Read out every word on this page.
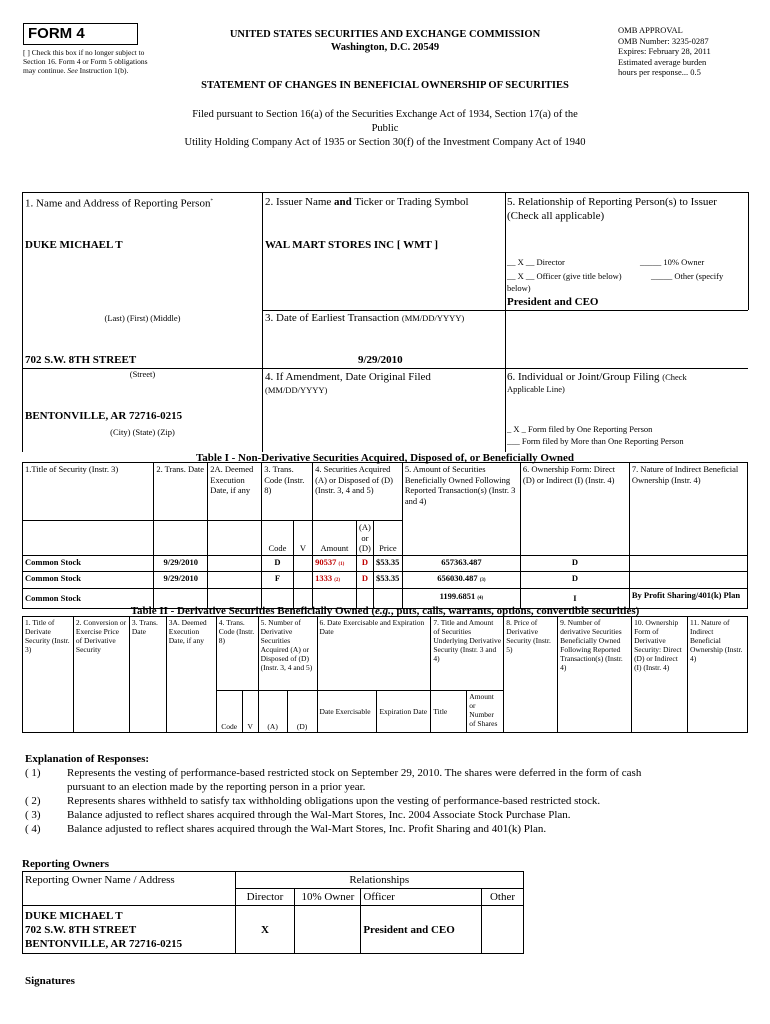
FORM 4
[ ] Check this box if no longer subject to Section 16. Form 4 or Form 5 obligations may continue. See Instruction 1(b).
UNITED STATES SECURITIES AND EXCHANGE COMMISSION
Washington, D.C. 20549
STATEMENT OF CHANGES IN BENEFICIAL OWNERSHIP OF SECURITIES
OMB APPROVAL
OMB Number: 3235-0287
Expires: February 28, 2011
Estimated average burden
hours per response... 0.5
Filed pursuant to Section 16(a) of the Securities Exchange Act of 1934, Section 17(a) of the
Public
Utility Holding Company Act of 1935 or Section 30(f) of the Investment Company Act of 1940
1. Name and Address of Reporting Person*
DUKE MICHAEL T
(Last) (First) (Middle)
702 S.W. 8TH STREET
(Street)
BENTONVILLE, AR 72716-0215
(City) (State) (Zip)
2. Issuer Name and Ticker or Trading Symbol
WAL MART STORES INC [ WMT ]
3. Date of Earliest Transaction (MM/DD/YYYY)
9/29/2010
4. If Amendment, Date Original Filed
(MM/DD/YYYY)
5. Relationship of Reporting Person(s) to Issuer
(Check all applicable)
__ X __ Director	_____ 10% Owner
__ X __ Officer (give title below)	_____ Other (specify
below)
President and CEO
6. Individual or Joint/Group Filing (Check
Applicable Line)
_ X _ Form filed by One Reporting Person
___ Form filed by More than One Reporting Person
Table I - Non-Derivative Securities Acquired, Disposed of, or Beneficially Owned
1.Title of Security (Instr. 3)	2. Trans. Date	2A. Deemed Execution Date, if any	3. Trans. Code (Instr. 8)		4. Securities Acquired (A) or Disposed of (D) (Instr. 3, 4 and 5)			5. Amount of Securities Beneficially Owned Following Reported Transaction(s) (Instr. 3 and 4)	6. Ownership Form: Direct (D) or Indirect (I) (Instr. 4)	7. Nature of Indirect Beneficial Ownership (Instr. 4)
			Code	V	Amount	(A) or (D)	Price			
Common Stock	9/29/2010		D		90537 (1)	D	$53.35	657363.487	D	
Common Stock	9/29/2010		F		1333 (2)	D	$53.35	656030.487 (3)	D	
Common Stock								1199.6851 (4)	I	By Profit Sharing/401(k) Plan
Table II - Derivative Securities Beneficially Owned (e.g., puts, calls, warrants, options, convertible securities)
1. Title of Derivate Security (Instr. 3)	2. Conversion or Exercise Price of Derivative Security	3. Trans. Date	3A. Deemed Execution Date, if any	4. Trans. Code (Instr. 8)		5. Number of Derivative Securities Acquired (A) or Disposed of (D) (Instr. 3, 4 and 5)		6. Date Exercisable and Expiration Date		7. Title and Amount of Securities Underlying Derivative Security (Instr. 3 and 4)		8. Price of Derivative Security (Instr. 5)	9. Number of derivative Securities Beneficially Owned Following Reported Transaction(s) (Instr. 4)	10. Ownership Form of Derivative Security: Direct (D) or Indirect (I) (Instr. 4)	11. Nature of Indirect Beneficial Ownership (Instr. 4)
				Code	V	(A)	(D)	Date Exercisable	Expiration Date	Title	Amount or Number of Shares				
Explanation of Responses:
( 1)	Represents the vesting of performance-based restricted stock on September 29, 2010. The shares were deferred in the form of cash
pursuant to an election made by the reporting person in a prior year.
( 2)	Represents shares withheld to satisfy tax withholding obligations upon the vesting of performance-based restricted stock.
( 3)	Balance adjusted to reflect shares acquired through the Wal-Mart Stores, Inc. 2004 Associate Stock Purchase Plan.
( 4)	Balance adjusted to reflect shares acquired through the Wal-Mart Stores, Inc. Profit Sharing and 401(k) Plan.
Reporting Owners
Reporting Owner Name / Address	Relationships			
	Director	10% Owner	Officer	Other

DUKE MICHAEL T
702 S.W. 8TH STREET
BENTONVILLE, AR 72716-0215	X		President and CEO	
Signatures
